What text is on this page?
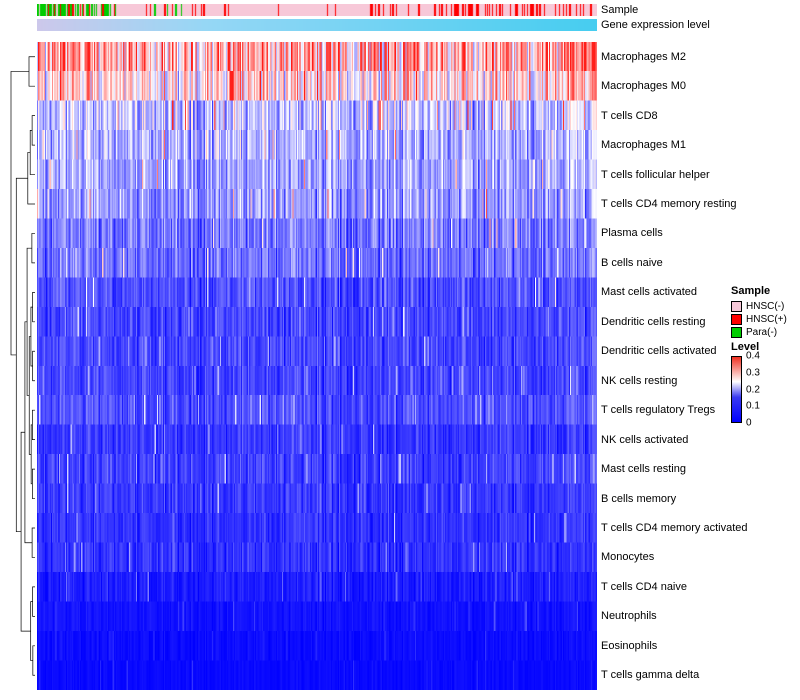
Sample
Gene expression level
Macrophages M2
Macrophages M0
T cells CD8
Macrophages M1
T cells follicular helper
T cells CD4 memory resting
Plasma cells
B cells naive
Mast cells activated
Dendritic cells resting
Dendritic cells activated
NK cells resting
T cells regulatory Tregs
NK cells activated
Mast cells resting
B cells memory
T cells CD4 memory activated
Monocytes
T cells CD4 naive
Neutrophils
Eosinophils
T cells gamma delta
Sample
HNSC(-)
HNSC(+)
Para(-)
Level
0.4
0.3
0.2
0.1
0
